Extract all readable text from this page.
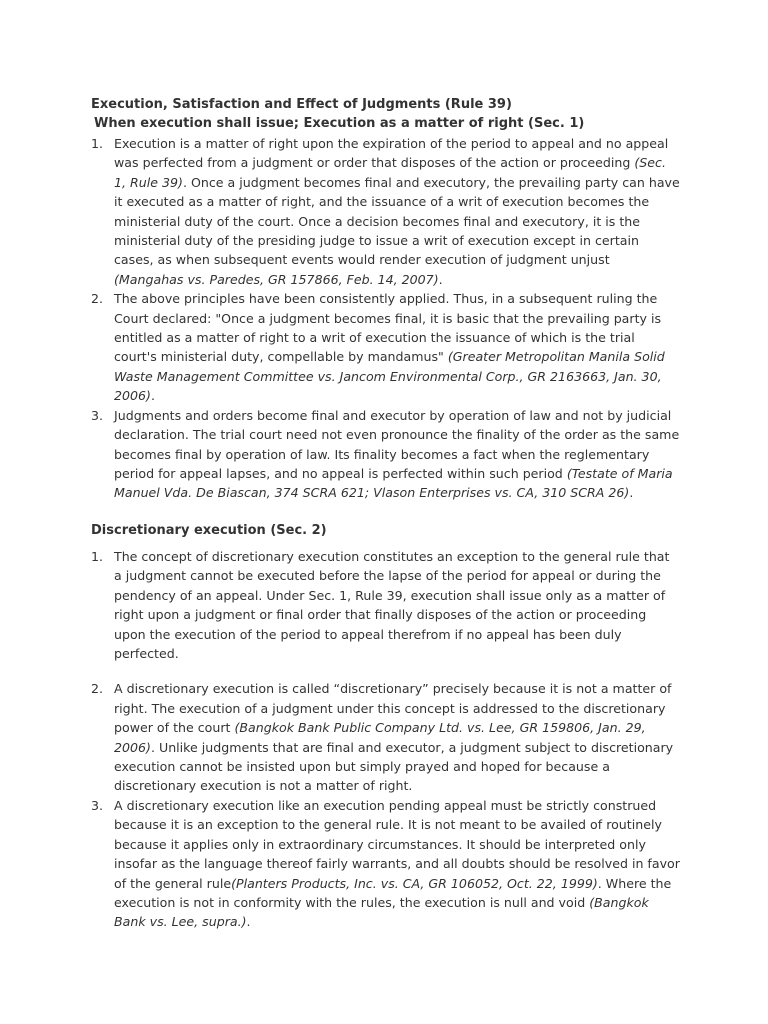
Execution, Satisfaction and Effect of Judgments (Rule 39)
When execution shall issue; Execution as a matter of right (Sec. 1)
1. Execution is a matter of right upon the expiration of the period to appeal and no appeal was perfected from a judgment or order that disposes of the action or proceeding (Sec. 1, Rule 39). Once a judgment becomes final and executory, the prevailing party can have it executed as a matter of right, and the issuance of a writ of execution becomes the ministerial duty of the court. Once a decision becomes final and executory, it is the ministerial duty of the presiding judge to issue a writ of execution except in certain cases, as when subsequent events would render execution of judgment unjust (Mangahas vs. Paredes, GR 157866, Feb. 14, 2007).
2. The above principles have been consistently applied. Thus, in a subsequent ruling the Court declared: "Once a judgment becomes final, it is basic that the prevailing party is entitled as a matter of right to a writ of execution the issuance of which is the trial court's ministerial duty, compellable by mandamus" (Greater Metropolitan Manila Solid Waste Management Committee vs. Jancom Environmental Corp., GR 2163663, Jan. 30, 2006).
3. Judgments and orders become final and executor by operation of law and not by judicial declaration. The trial court need not even pronounce the finality of the order as the same becomes final by operation of law. Its finality becomes a fact when the reglementary period for appeal lapses, and no appeal is perfected within such period (Testate of Maria Manuel Vda. De Biascan, 374 SCRA 621; Vlason Enterprises vs. CA, 310 SCRA 26).
Discretionary execution (Sec. 2)
1. The concept of discretionary execution constitutes an exception to the general rule that a judgment cannot be executed before the lapse of the period for appeal or during the pendency of an appeal. Under Sec. 1, Rule 39, execution shall issue only as a matter of right upon a judgment or final order that finally disposes of the action or proceeding upon the execution of the period to appeal therefrom if no appeal has been duly perfected.
2. A discretionary execution is called “discretionary” precisely because it is not a matter of right. The execution of a judgment under this concept is addressed to the discretionary power of the court (Bangkok Bank Public Company Ltd. vs. Lee, GR 159806, Jan. 29, 2006). Unlike judgments that are final and executor, a judgment subject to discretionary execution cannot be insisted upon but simply prayed and hoped for because a discretionary execution is not a matter of right.
3. A discretionary execution like an execution pending appeal must be strictly construed because it is an exception to the general rule. It is not meant to be availed of routinely because it applies only in extraordinary circumstances. It should be interpreted only insofar as the language thereof fairly warrants, and all doubts should be resolved in favor of the general rule(Planters Products, Inc. vs. CA, GR 106052, Oct. 22, 1999). Where the execution is not in conformity with the rules, the execution is null and void (Bangkok Bank vs. Lee, supra.).
